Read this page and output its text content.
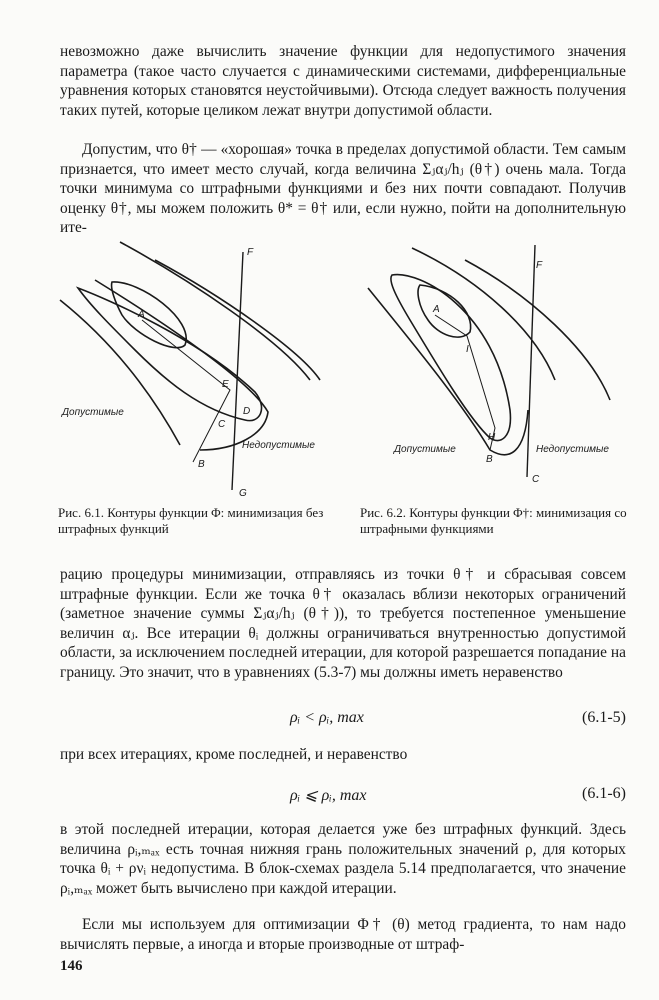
невозможно даже вычислить значение функции для недопустимого значения параметра (такое часто случается с динамическими системами, дифференциальные уравнения которых становятся неустойчивыми). Отсюда следует важность получения таких путей, которые целиком лежат внутри допустимой области.

Допустим, что θ† — «хорошая» точка в пределах допустимой области. Тем самым признается, что имеет место случай, когда величина Σⱼαⱼ/hⱼ (θ†) очень мала. Тогда точки минимума со штрафными функциями и без них почти совпадают. Получив оценку θ†, мы можем положить θ* = θ† или, если нужно, пойти на дополнительную ите-

F
G
A
E
D
C
B
Допустимые
Недопустимые
F
C
A
I
H
B
Допустимые	Недопустимые
Рис. 6.1. Контуры функции Φ: минимизация без штрафных функций
Рис. 6.2. Контуры функции Φ†: минимизация со штрафными функциями

рацию процедуры минимизации, отправляясь из точки θ† и сбрасывая совсем штрафные функции. Если же точка θ† оказалась вблизи некоторых ограничений (заметное значение суммы Σⱼαⱼ/hⱼ (θ†)), то требуется постепенное уменьшение величин αⱼ. Все итерации θᵢ должны ограничиваться внутренностью допустимой области, за исключением последней итерации, для которой разрешается попадание на границу. Это значит, что в уравнениях (5.3-7) мы должны иметь неравенство

ρᵢ < ρᵢ, max	(6.1-5)

при всех итерациях, кроме последней, и неравенство

ρᵢ ⩽ ρᵢ, max	(6.1-6)

в этой последней итерации, которая делается уже без штрафных функций. Здесь величина ρᵢ,ₘₐₓ есть точная нижняя грань положительных значений ρ, для которых точка θᵢ + ρνᵢ недопустима. В блок-схемах раздела 5.14 предполагается, что значение ρᵢ,ₘₐₓ может быть вычислено при каждой итерации.

Если мы используем для оптимизации Φ† (θ) метод градиента, то нам надо вычислять первые, а иногда и вторые производные от штраф-

146
